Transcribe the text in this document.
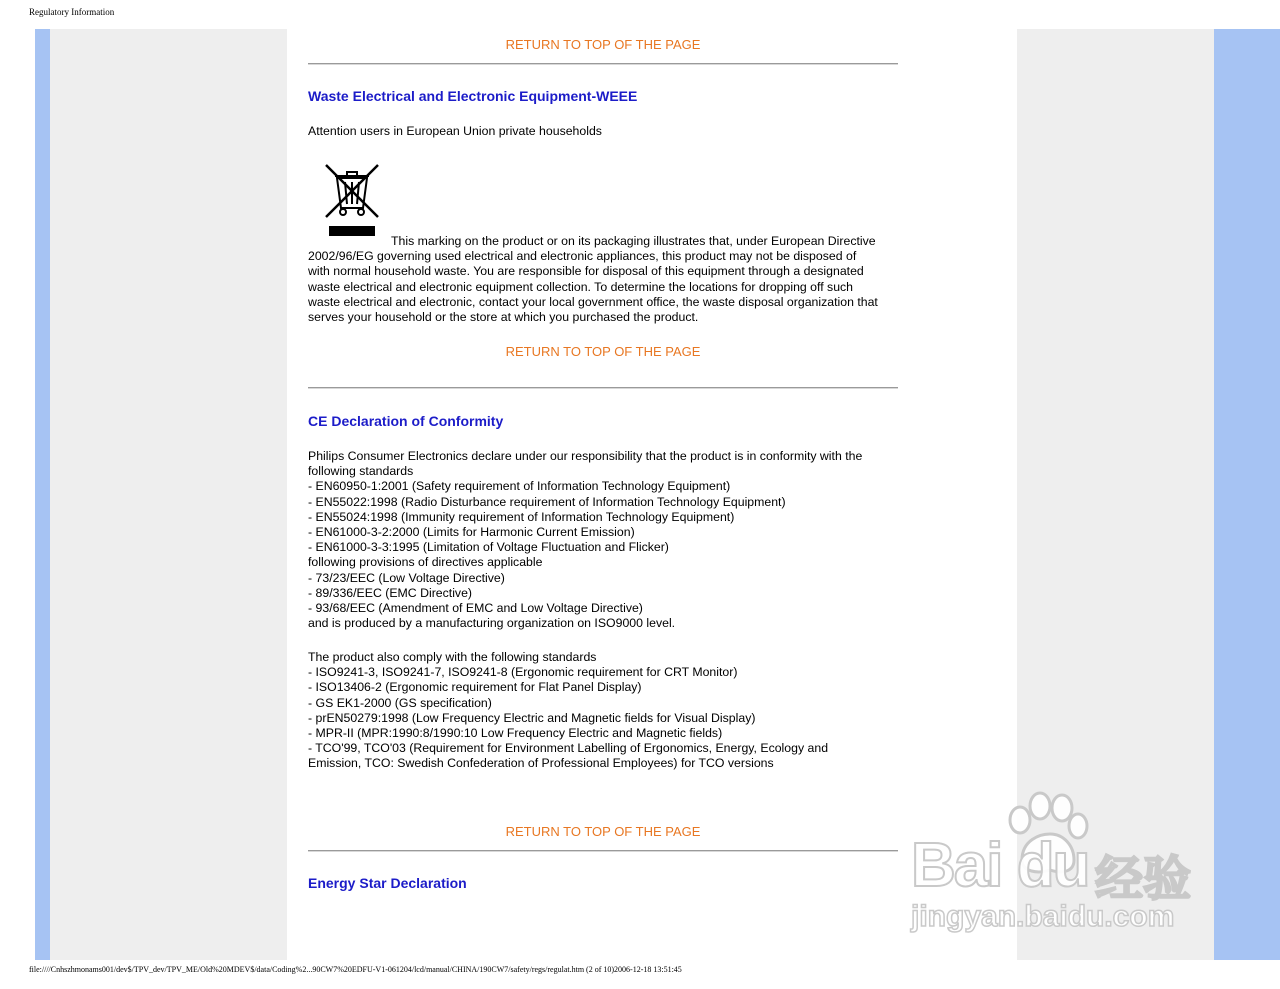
Regulatory Information
RETURN TO TOP OF THE PAGE
Waste Electrical and Electronic Equipment-WEEE
Attention users in European Union private households
This marking on the product or on its packaging illustrates that, under European Directive
2002/96/EG governing used electrical and electronic appliances, this product may not be disposed of
with normal household waste. You are responsible for disposal of this equipment through a designated
waste electrical and electronic equipment collection. To determine the locations for dropping off such
waste electrical and electronic, contact your local government office, the waste disposal organization that
serves your household or the store at which you purchased the product.
RETURN TO TOP OF THE PAGE
CE Declaration of Conformity
Philips Consumer Electronics declare under our responsibility that the product is in conformity with the
following standards
- EN60950-1:2001 (Safety requirement of Information Technology Equipment)
- EN55022:1998 (Radio Disturbance requirement of Information Technology Equipment)
- EN55024:1998 (Immunity requirement of Information Technology Equipment)
- EN61000-3-2:2000 (Limits for Harmonic Current Emission)
- EN61000-3-3:1995 (Limitation of Voltage Fluctuation and Flicker)
following provisions of directives applicable
- 73/23/EEC (Low Voltage Directive)
- 89/336/EEC (EMC Directive)
- 93/68/EEC (Amendment of EMC and Low Voltage Directive)
and is produced by a manufacturing organization on ISO9000 level.
The product also comply with the following standards
- ISO9241-3, ISO9241-7, ISO9241-8 (Ergonomic requirement for CRT Monitor)
- ISO13406-2 (Ergonomic requirement for Flat Panel Display)
- GS EK1-2000 (GS specification)
- prEN50279:1998 (Low Frequency Electric and Magnetic fields for Visual Display)
- MPR-II (MPR:1990:8/1990:10 Low Frequency Electric and Magnetic fields)
- TCO'99, TCO'03 (Requirement for Environment Labelling of Ergonomics, Energy, Ecology and
Emission, TCO: Swedish Confederation of Professional Employees) for TCO versions
RETURN TO TOP OF THE PAGE
Energy Star Declaration	Bai du 经验
jingyan.baidu.com
file:////Cnhszhmonams001/dev$/TPV_dev/TPV_ME/Old%20MDEV$/data/Coding%2...90CW7%20EDFU-V1-061204/lcd/manual/CHINA/190CW7/safety/regs/regulat.htm (2 of 10)2006-12-18 13:51:45
